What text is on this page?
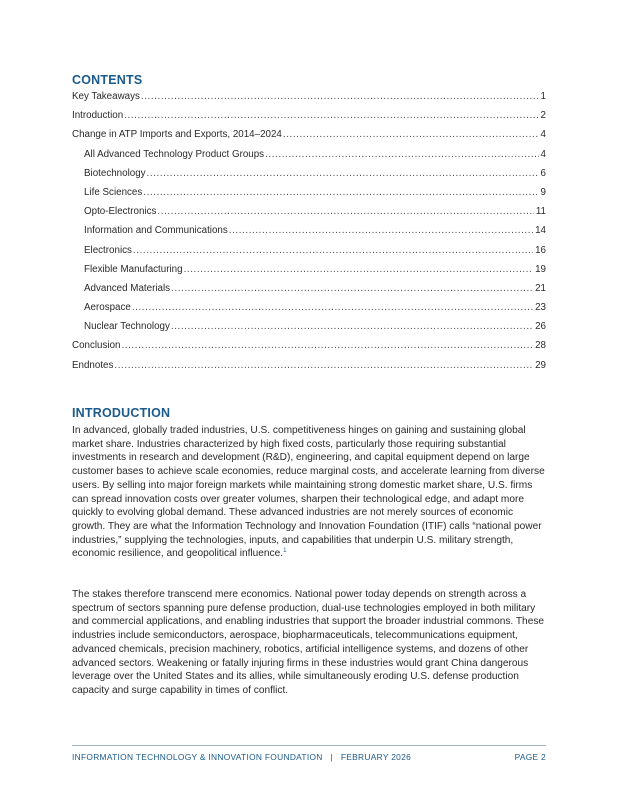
CONTENTS
Key Takeaways .....	1
Introduction .....	2
Change in ATP Imports and Exports, 2014–2024 .....	4
All Advanced Technology Product Groups .....	4
Biotechnology .....	6
Life Sciences .....	9
Opto-Electronics .....	11
Information and Communications .....	14
Electronics .....	16
Flexible Manufacturing .....	19
Advanced Materials .....	21
Aerospace .....	23
Nuclear Technology .....	26
Conclusion .....	28
Endnotes .....	29
INTRODUCTION

In advanced, globally traded industries, U.S. competitiveness hinges on gaining and sustaining global market share. Industries characterized by high fixed costs, particularly those requiring substantial investments in research and development (R&D), engineering, and capital equipment depend on large customer bases to achieve scale economies, reduce marginal costs, and accelerate learning from diverse users. By selling into major foreign markets while maintaining strong domestic market share, U.S. firms can spread innovation costs over greater volumes, sharpen their technological edge, and adapt more quickly to evolving global demand. These advanced industries are not merely sources of economic growth. They are what the Information Technology and Innovation Foundation (ITIF) calls “national power industries,” supplying the technologies, inputs, and capabilities that underpin U.S. military strength, economic resilience, and geopolitical influence.$^1$

The stakes therefore transcend mere economics. National power today depends on strength across a spectrum of sectors spanning pure defense production, dual-use technologies employed in both military and commercial applications, and enabling industries that support the broader industrial commons. These industries include semiconductors, aerospace, biopharmaceuticals, telecommunications equipment, advanced chemicals, precision machinery, robotics, artificial intelligence systems, and dozens of other advanced sectors. Weakening or fatally injuring firms in these industries would grant China dangerous leverage over the United States and its allies, while simultaneously eroding U.S. defense production capacity and surge capability in times of conflict.

INFORMATION TECHNOLOGY & INNOVATION FOUNDATION   |   FEBRUARY 2026	PAGE 2
